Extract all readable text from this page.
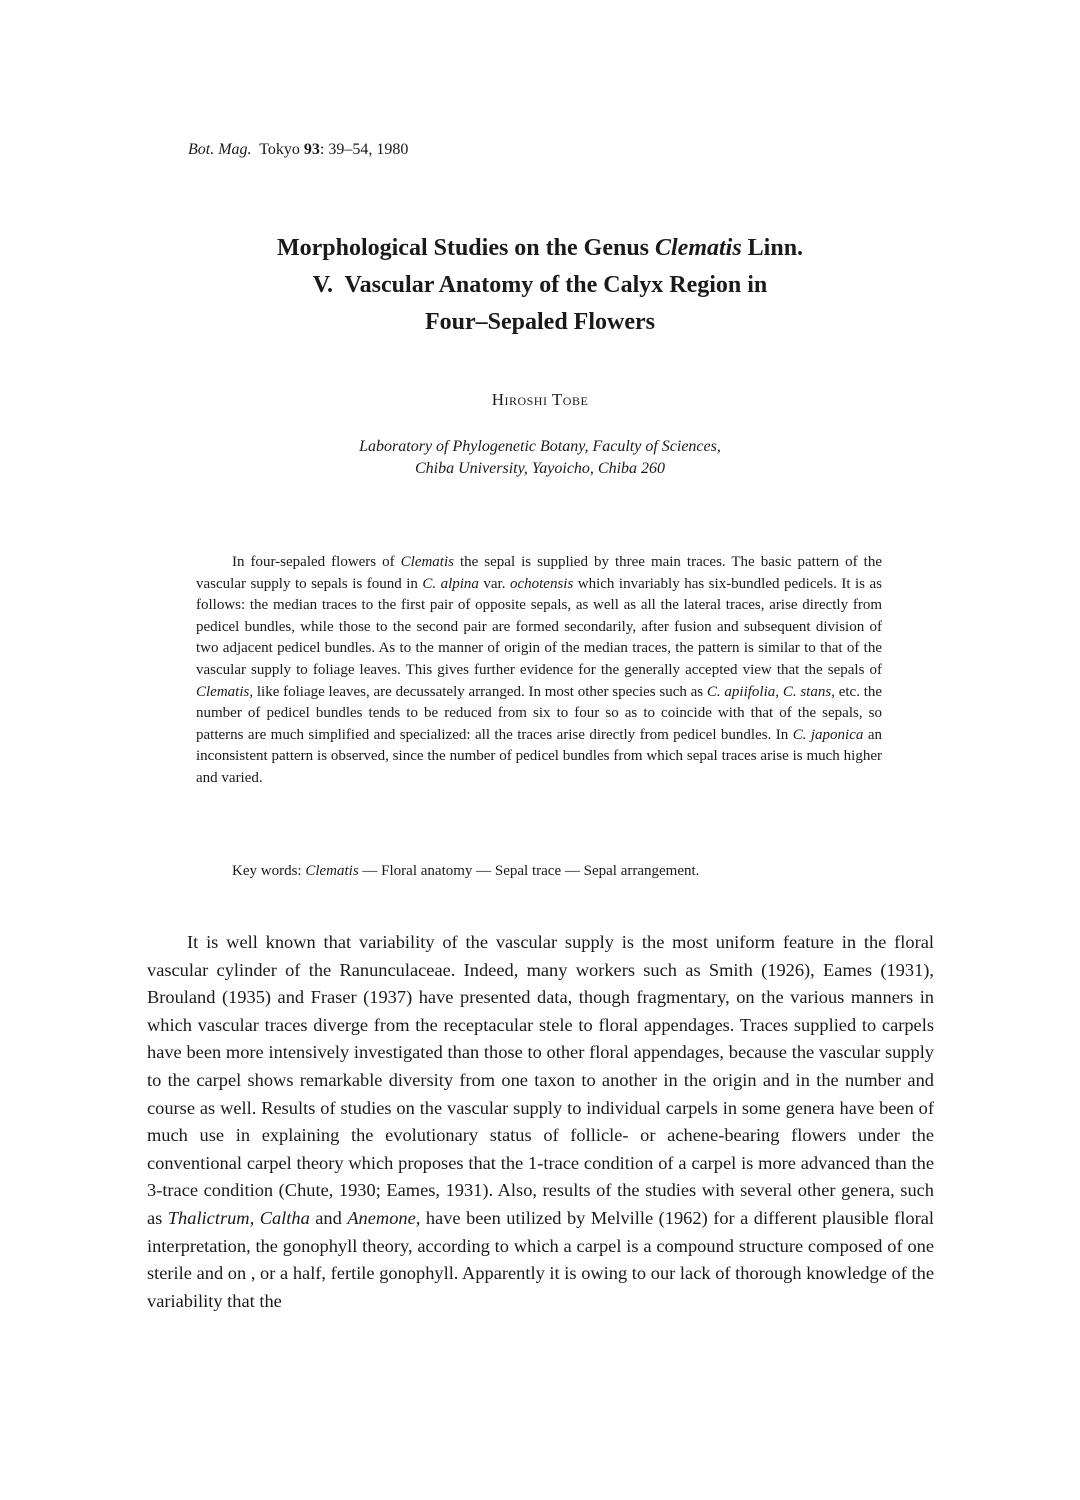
Bot. Mag. Tokyo 93: 39–54, 1980
Morphological Studies on the Genus Clematis Linn.
V.  Vascular Anatomy of the Calyx Region in
Four–Sepaled Flowers
Hiroshi Tobe
Laboratory of Phylogenetic Botany, Faculty of Sciences,
Chiba University, Yayoicho, Chiba 260

In four-sepaled flowers of Clematis the sepal is supplied by three main traces. The basic pattern of the vascular supply to sepals is found in C. alpina var. ochotensis which invariably has six-bundled pedicels. It is as follows: the median traces to the first pair of opposite sepals, as well as all the lateral traces, arise directly from pedicel bundles, while those to the second pair are formed secondarily, after fusion and subsequent division of two adjacent pedicel bundles. As to the manner of origin of the median traces, the pattern is similar to that of the vascular supply to foliage leaves. This gives further evidence for the generally accepted view that the sepals of Clematis, like foliage leaves, are decussately arranged. In most other species such as C. apiifolia, C. stans, etc. the number of pedicel bundles tends to be reduced from six to four so as to coincide with that of the sepals, so patterns are much simplified and specialized: all the traces arise directly from pedicel bundles. In C. japonica an inconsistent pattern is observed, since the number of pedicel bundles from which sepal traces arise is much higher and varied.

Key words: Clematis — Floral anatomy — Sepal trace — Sepal arrangement.

It is well known that variability of the vascular supply is the most uniform feature in the floral vascular cylinder of the Ranunculaceae. Indeed, many workers such as Smith (1926), Eames (1931), Brouland (1935) and Fraser (1937) have presented data, though fragmentary, on the various manners in which vascular traces diverge from the receptacular stele to floral appendages. Traces supplied to carpels have been more intensively investigated than those to other floral appendages, because the vascular supply to the carpel shows remarkable diversity from one taxon to another in the origin and in the number and course as well. Results of studies on the vascular supply to individual carpels in some genera have been of much use in explaining the evolutionary status of follicle- or achene-bearing flowers under the conventional carpel theory which proposes that the 1-trace condition of a carpel is more advanced than the 3-trace condition (Chute, 1930; Eames, 1931). Also, results of the studies with several other genera, such as Thalictrum, Caltha and Anemone, have been utilized by Melville (1962) for a different plausible floral interpretation, the gonophyll theory, according to which a carpel is a compound structure composed of one sterile and on , or a half, fertile gonophyll. Apparently it is owing to our lack of thorough knowledge of the variability that the
